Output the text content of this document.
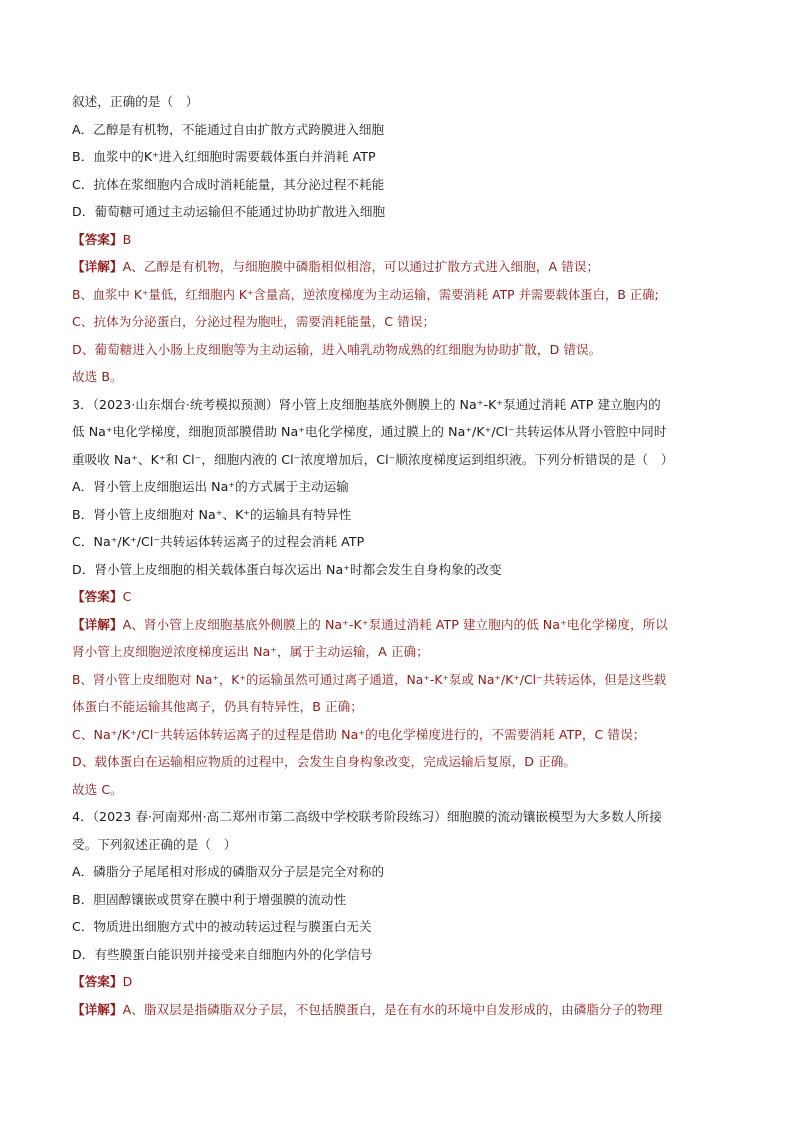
叙述，正确的是（　）
A．乙醇是有机物，不能通过自由扩散方式跨膜进入细胞
B．血浆中的K⁺进入红细胞时需要载体蛋白并消耗 ATP
C．抗体在浆细胞内合成时消耗能量，其分泌过程不耗能
D．葡萄糖可通过主动运输但不能通过协助扩散进入细胞
【答案】B
【详解】A、乙醇是有机物，与细胞膜中磷脂相似相溶，可以通过扩散方式进入细胞，A 错误；
B、血浆中 K⁺量低，红细胞内 K⁺含量高，逆浓度梯度为主动运输，需要消耗 ATP 并需要载体蛋白，B 正确;
C、抗体为分泌蛋白，分泌过程为胞吐，需要消耗能量，C 错误；
D、葡萄糖进入小肠上皮细胞等为主动运输，进入哺乳动物成熟的红细胞为协助扩散，D 错误。
故选 B。
3．（2023·山东烟台·统考模拟预测）肾小管上皮细胞基底外侧膜上的 Na⁺-K⁺泵通过消耗 ATP 建立胞内的
低 Na⁺电化学梯度，细胞顶部膜借助 Na⁺电化学梯度，通过膜上的 Na⁺/K⁺/Cl⁻共转运体从肾小管腔中同时
重吸收 Na⁺、K⁺和 Cl⁻，细胞内液的 Cl⁻浓度增加后，Cl⁻顺浓度梯度运到组织液。下列分析错误的是（　）
A．肾小管上皮细胞运出 Na⁺的方式属于主动运输
B．肾小管上皮细胞对 Na⁺、K⁺的运输具有特异性
C．Na⁺/K⁺/Cl⁻共转运体转运离子的过程会消耗 ATP
D．肾小管上皮细胞的相关载体蛋白每次运出 Na⁺时都会发生自身构象的改变
【答案】C
【详解】A、肾小管上皮细胞基底外侧膜上的 Na⁺-K⁺泵通过消耗 ATP 建立胞内的低 Na⁺电化学梯度，所以
肾小管上皮细胞逆浓度梯度运出 Na⁺，属于主动运输，A 正确；
B、肾小管上皮细胞对 Na⁺，K⁺的运输虽然可通过离子通道，Na⁺-K⁺泵或 Na⁺/K⁺/Cl⁻共转运体，但是这些载
体蛋白不能运输其他离子，仍具有特异性，B 正确；
C、Na⁺/K⁺/Cl⁻共转运体转运离子的过程是借助 Na⁺的电化学梯度进行的，不需要消耗 ATP，C 错误；
D、载体蛋白在运输相应物质的过程中，会发生自身构象改变，完成运输后复原，D 正确。
故选 C。
4．（2023 春·河南郑州·高二郑州市第二高级中学校联考阶段练习）细胞膜的流动镶嵌模型为大多数人所接
受。下列叙述正确的是（　）
A．磷脂分子尾尾相对形成的磷脂双分子层是完全对称的
B．胆固醇镶嵌或贯穿在膜中利于增强膜的流动性
C．物质进出细胞方式中的被动转运过程与膜蛋白无关
D．有些膜蛋白能识别并接受来自细胞内外的化学信号
【答案】D
【详解】A、脂双层是指磷脂双分子层，不包括膜蛋白，是在有水的环境中自发形成的，由磷脂分子的物理
